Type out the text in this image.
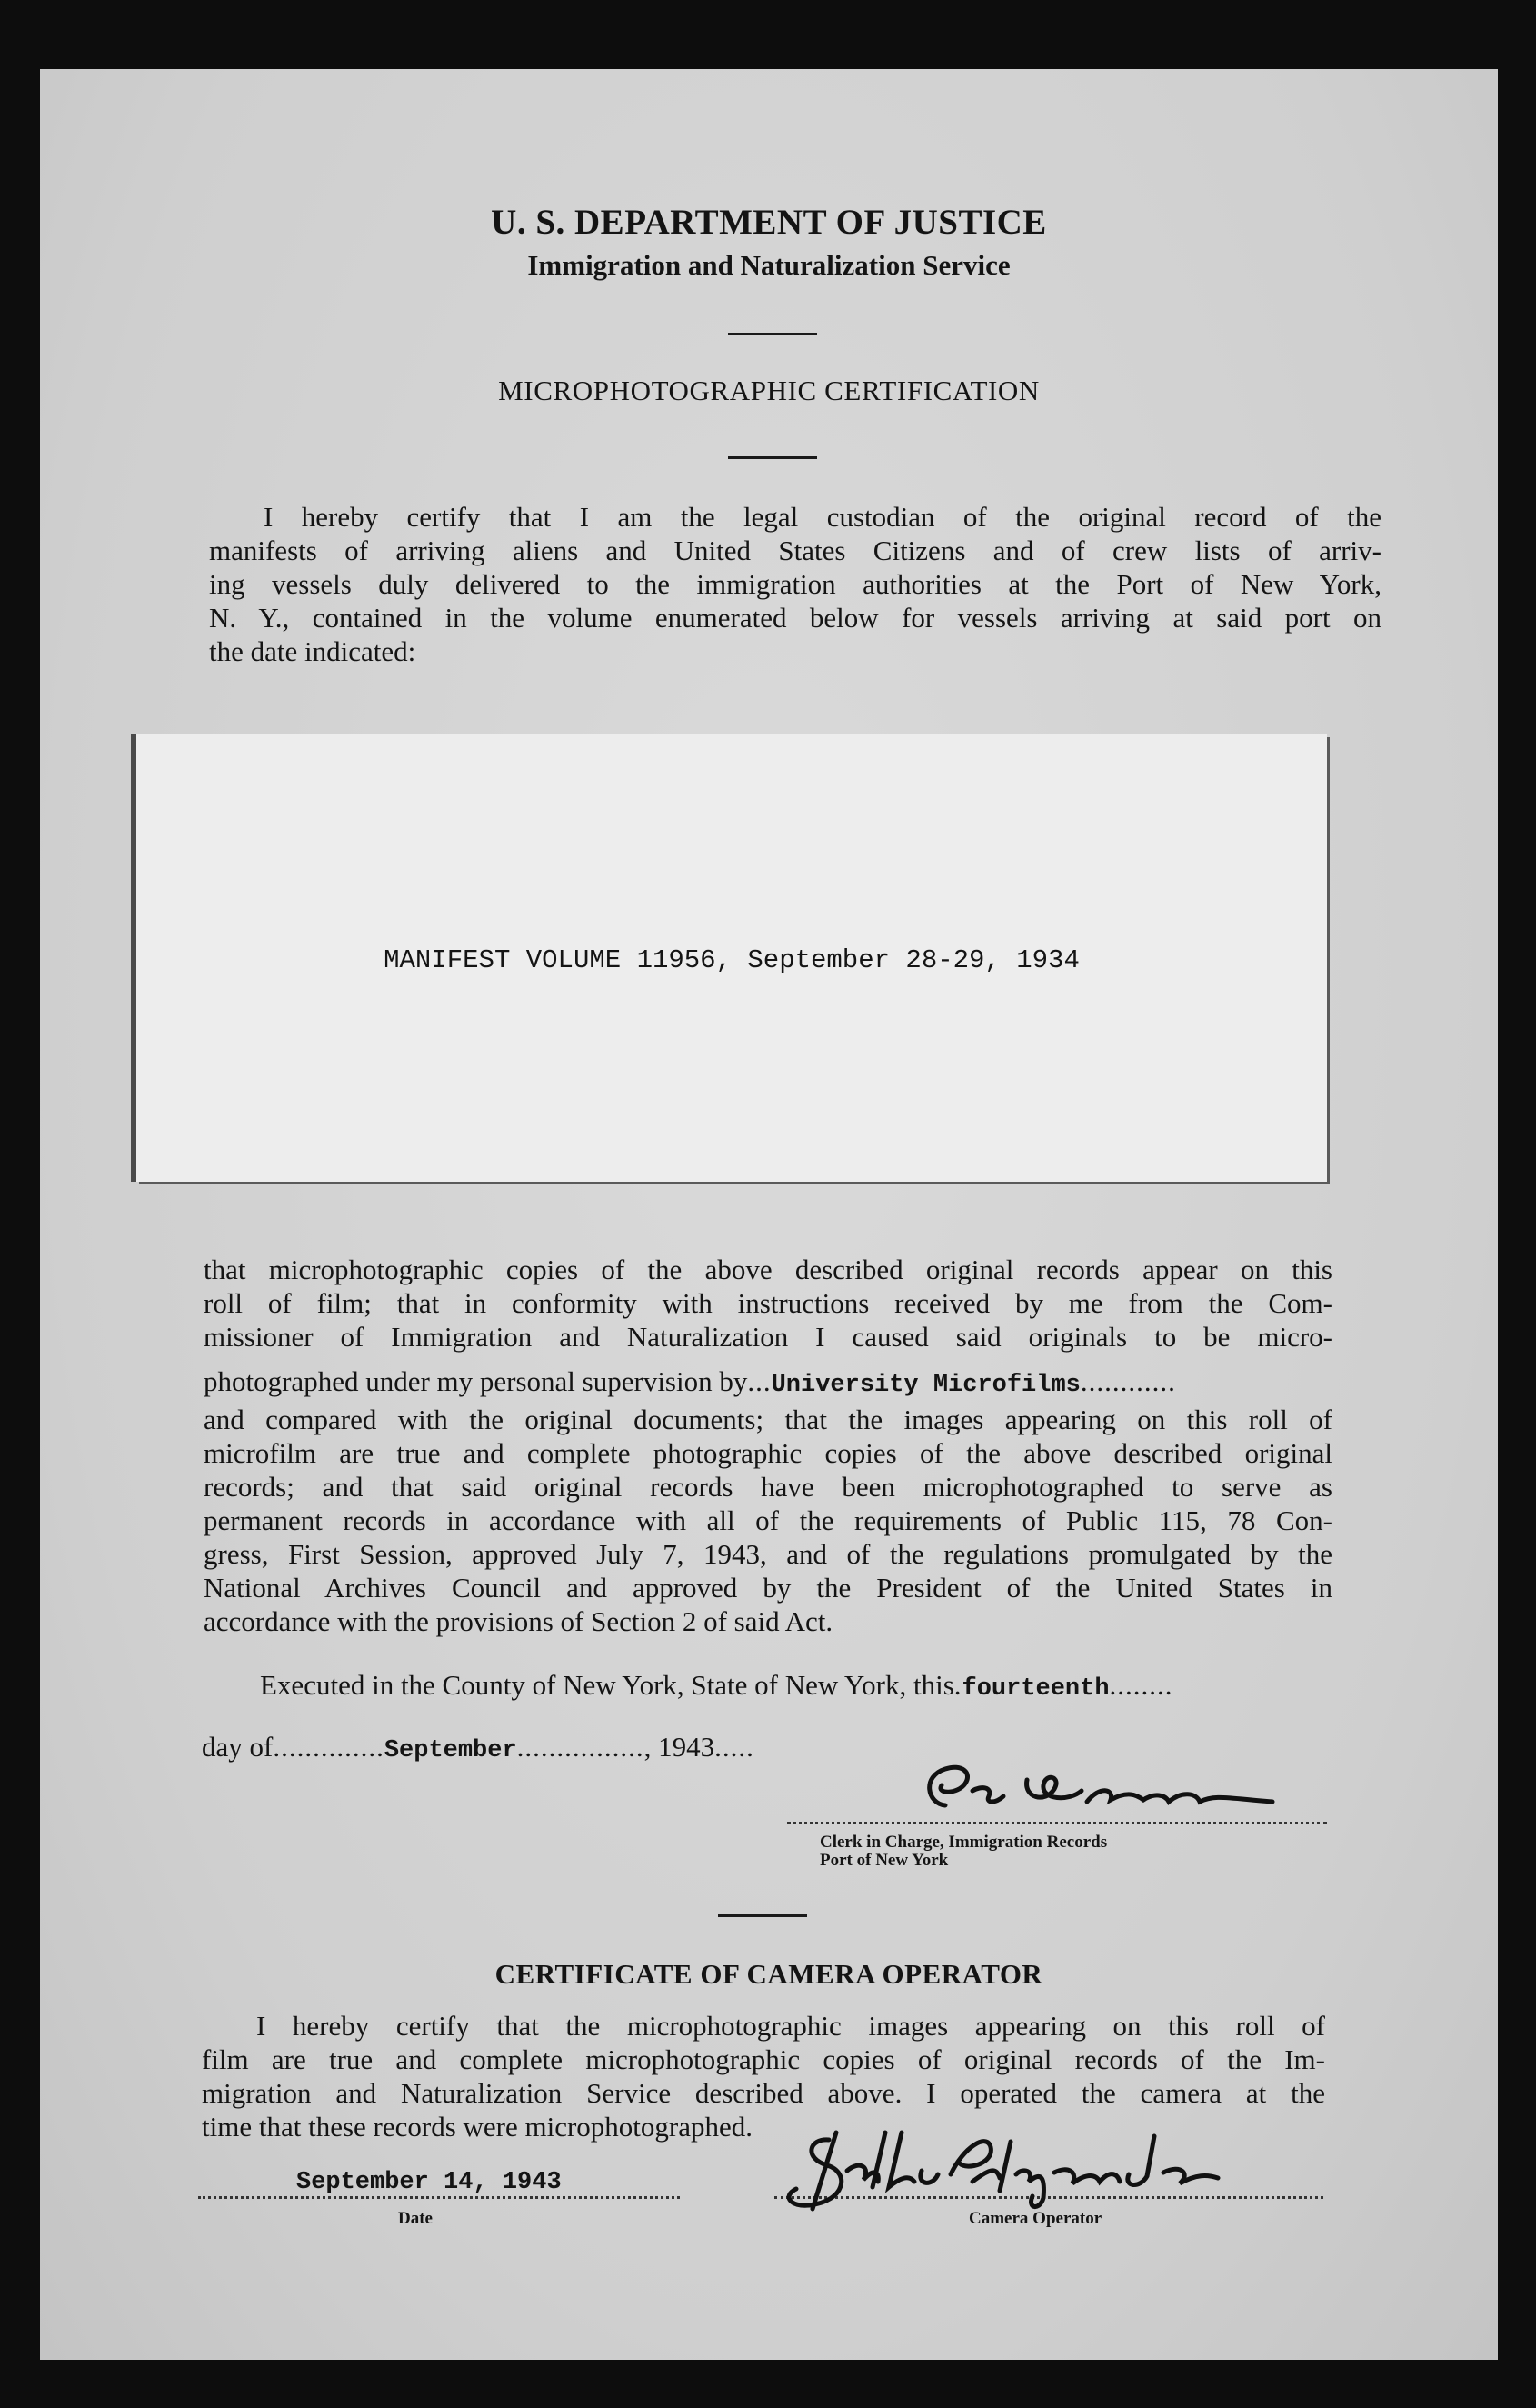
U. S. DEPARTMENT OF JUSTICE
Immigration and Naturalization Service
MICROPHOTOGRAPHIC CERTIFICATION
I hereby certify that I am the legal custodian of the original record of the
manifests of arriving aliens and United States Citizens and of crew lists of arriv-
ing vessels duly delivered to the immigration authorities at the Port of New York,
N. Y., contained in the volume enumerated below for vessels arriving at said port on
the date indicated:
MANIFEST VOLUME 11956, September 28-29, 1934
that microphotographic copies of the above described original records appear on this
roll of film; that in conformity with instructions received by me from the Com-
missioner of Immigration and Naturalization I caused said originals to be micro-
photographed under my personal supervision by...University Microfilms............
and compared with the original documents; that the images appearing on this roll of
microfilm are true and complete photographic copies of the above described original
records; and that said original records have been microphotographed to serve as
permanent records in accordance with all of the requirements of Public 115, 78 Con-
gress, First Session, approved July 7, 1943, and of the regulations promulgated by the
National Archives Council and approved by the President of the United States in
accordance with the provisions of Section 2 of said Act.
Executed in the County of New York, State of New York, this.fourteenth........
day of..............September................, 1943.....
Clerk in Charge, Immigration Records
Port of New York
CERTIFICATE OF CAMERA OPERATOR
I hereby certify that the microphotographic images appearing on this roll of
film are true and complete microphotographic copies of original records of the Im-
migration and Naturalization Service described above. I operated the camera at the
time that these records were microphotographed.
September 14, 1943
Date	Camera Operator
